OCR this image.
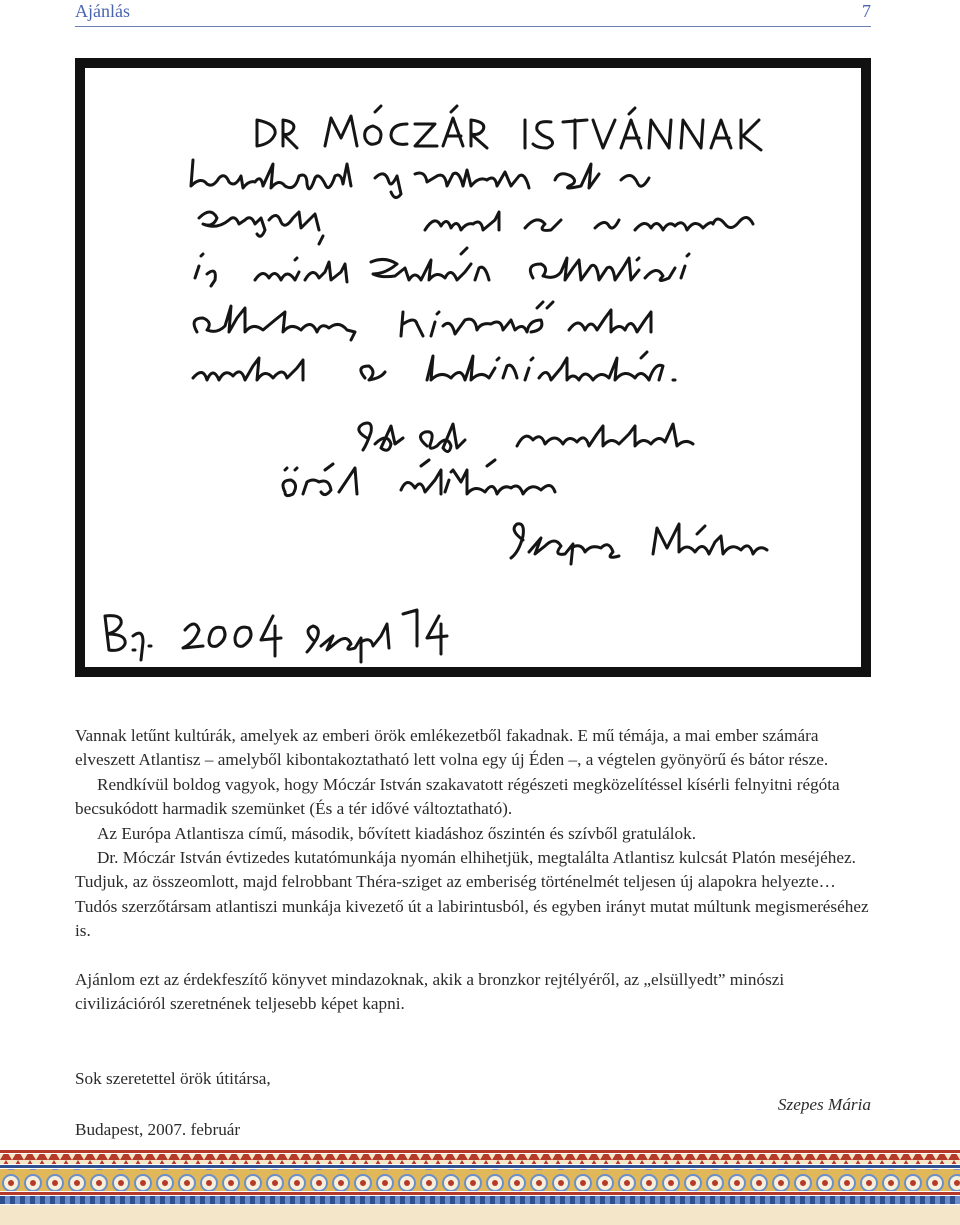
Ajánlás	7

Vannak letűnt kultúrák, amelyek az emberi örök emlékezetből fakadnak. E mű témája, a mai ember számára elveszett Atlantisz – amelyből kibontakoztatható lett volna egy új Éden –, a végtelen gyönyörű és bátor része.

Rendkívül boldog vagyok, hogy Móczár István szakavatott régészeti megközelítéssel kísérli felnyitni régóta becsukódott harmadik szemünket (És a tér idővé változtatható).

Az Európa Atlantisza című, második, bővített kiadáshoz őszintén és szívből gratulálok.

Dr. Móczár István évtizedes kutatómunkája nyomán elhihetjük, megtalálta Atlantisz kulcsát Platón meséjéhez. Tudjuk, az összeomlott, majd felrobbant Théra-sziget az emberiség történelmét teljesen új alapokra helyezte… Tudós szerzőtársam atlantiszi munkája kivezető út a labirintusból, és egyben irányt mutat múltunk megismeréséhez is.

Ajánlom ezt az érdekfeszítő könyvet mindazoknak, akik a bronzkor rejtélyéről, az „elsüllyedt” minószi civilizációról szeretnének teljesebb képet kapni.

Sok szeretettel örök útitársa,
Szepes Mária
Budapest, 2007. február
